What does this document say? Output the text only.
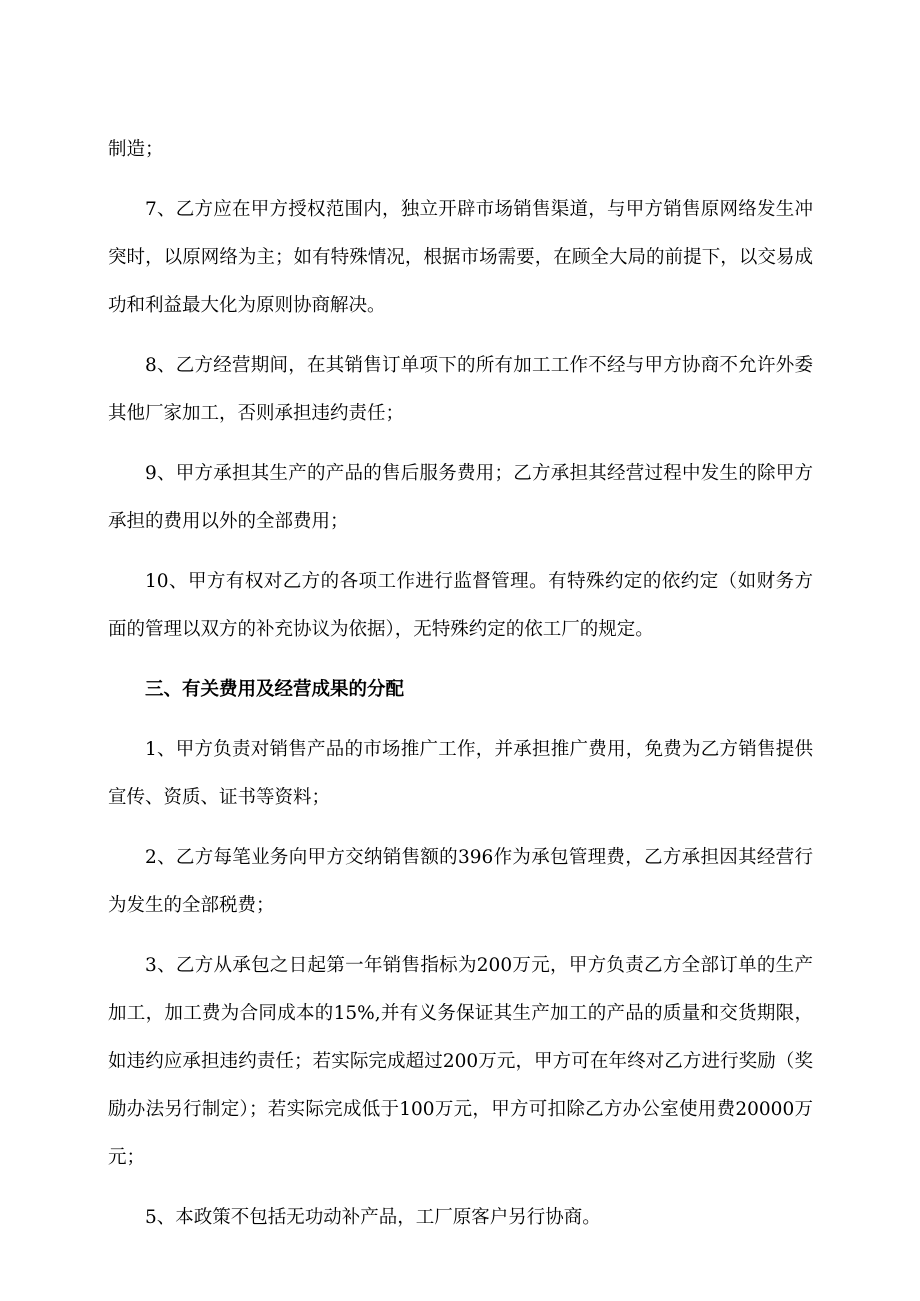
制造；

7、乙方应在甲方授权范围内，独立开辟市场销售渠道，与甲方销售原网络发生冲突时，以原网络为主；如有特殊情况，根据市场需要，在顾全大局的前提下，以交易成功和利益最大化为原则协商解决。

8、乙方经营期间，在其销售订单项下的所有加工工作不经与甲方协商不允许外委其他厂家加工，否则承担违约责任；

9、甲方承担其生产的产品的售后服务费用；乙方承担其经营过程中发生的除甲方承担的费用以外的全部费用；

10、甲方有权对乙方的各项工作进行监督管理。有特殊约定的依约定（如财务方面的管理以双方的补充协议为依据），无特殊约定的依工厂的规定。

三、有关费用及经营成果的分配

1、甲方负责对销售产品的市场推广工作，并承担推广费用，免费为乙方销售提供宣传、资质、证书等资料；

2、乙方每笔业务向甲方交纳销售额的396作为承包管理费，乙方承担因其经营行为发生的全部税费；

3、乙方从承包之日起第一年销售指标为200万元，甲方负责乙方全部订单的生产加工，加工费为合同成本的15%,并有义务保证其生产加工的产品的质量和交货期限，如违约应承担违约责任；若实际完成超过200万元，甲方可在年终对乙方进行奖励（奖励办法另行制定）；若实际完成低于100万元，甲方可扣除乙方办公室使用费20000万元；

5、本政策不包括无功动补产品，工厂原客户另行协商。
